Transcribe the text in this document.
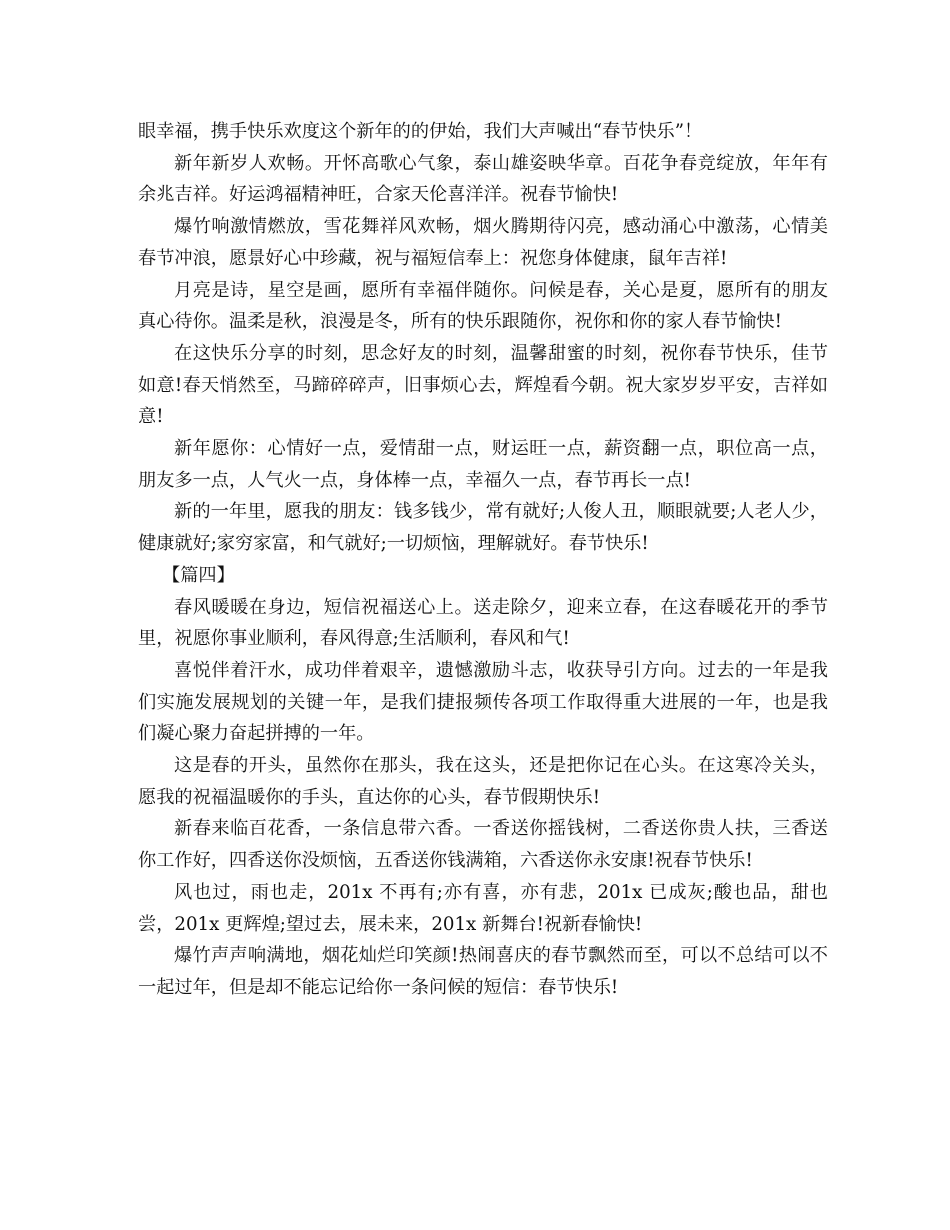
眼幸福，携手快乐欢度这个新年的的伊始，我们大声喊出“春节快乐”！

新年新岁人欢畅。开怀高歌心气象，泰山雄姿映华章。百花争春竞绽放，年年有余兆吉祥。好运鸿福精神旺，合家天伦喜洋洋。祝春节愉快!

爆竹响激情燃放，雪花舞祥风欢畅，烟火腾期待闪亮，感动涌心中激荡，心情美春节冲浪，愿景好心中珍藏，祝与福短信奉上：祝您身体健康，鼠年吉祥!

月亮是诗，星空是画，愿所有幸福伴随你。问候是春，关心是夏，愿所有的朋友真心待你。温柔是秋，浪漫是冬，所有的快乐跟随你，祝你和你的家人春节愉快!

在这快乐分享的时刻，思念好友的时刻，温馨甜蜜的时刻，祝你春节快乐，佳节如意!春天悄然至，马蹄碎碎声，旧事烦心去，辉煌看今朝。祝大家岁岁平安，吉祥如意!

新年愿你：心情好一点，爱情甜一点，财运旺一点，薪资翻一点，职位高一点，朋友多一点，人气火一点，身体棒一点，幸福久一点，春节再长一点!

新的一年里，愿我的朋友：钱多钱少，常有就好;人俊人丑，顺眼就要;人老人少，健康就好;家穷家富，和气就好;一切烦恼，理解就好。春节快乐!

【篇四】

春风暖暖在身边，短信祝福送心上。送走除夕，迎来立春，在这春暖花开的季节里，祝愿你事业顺利，春风得意;生活顺利，春风和气!

喜悦伴着汗水，成功伴着艰辛，遗憾激励斗志，收获导引方向。过去的一年是我们实施发展规划的关键一年，是我们捷报频传各项工作取得重大进展的一年，也是我们凝心聚力奋起拼搏的一年。

这是春的开头，虽然你在那头，我在这头，还是把你记在心头。在这寒冷关头，愿我的祝福温暖你的手头，直达你的心头，春节假期快乐!

新春来临百花香，一条信息带六香。一香送你摇钱树，二香送你贵人扶，三香送你工作好，四香送你没烦恼，五香送你钱满箱，六香送你永安康!祝春节快乐!

风也过，雨也走，201x 不再有;亦有喜，亦有悲，201x 已成灰;酸也品，甜也尝，201x 更辉煌;望过去，展未来，201x 新舞台!祝新春愉快!

爆竹声声响满地，烟花灿烂印笑颜!热闹喜庆的春节飘然而至，可以不总结可以不一起过年，但是却不能忘记给你一条问候的短信：春节快乐!
